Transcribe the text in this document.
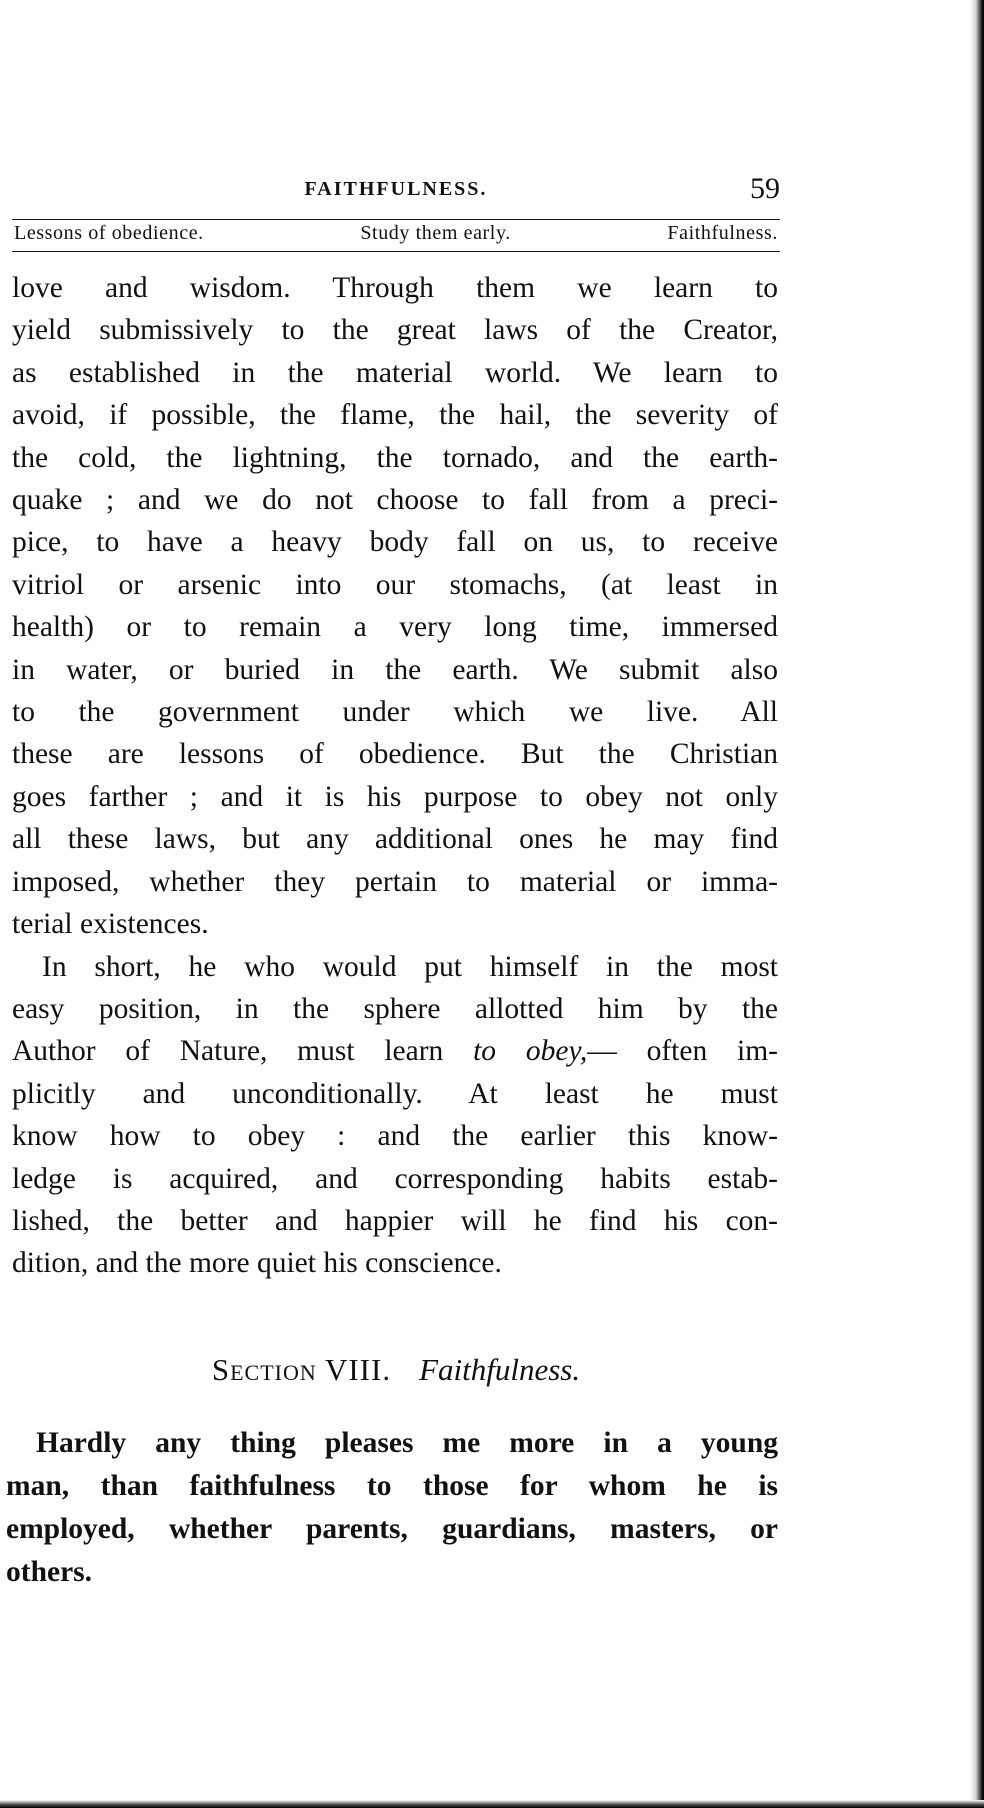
FAITHFULNESS.	59
Lessons of obedience.	Study them early.	Faithfulness.
love and wisdom. Through them we learn to
yield submissively to the great laws of the Creator,
as established in the material world. We learn to
avoid, if possible, the flame, the hail, the severity of
the cold, the lightning, the tornado, and the earth-
quake ; and we do not choose to fall from a preci-
pice, to have a heavy body fall on us, to receive
vitriol or arsenic into our stomachs, (at least in
health) or to remain a very long time, immersed
in water, or buried in the earth. We submit also
to the government under which we live. All
these are lessons of obedience. But the Christian
goes farther ; and it is his purpose to obey not only
all these laws, but any additional ones he may find
imposed, whether they pertain to material or imma-
terial existences.
In short, he who would put himself in the most
easy position, in the sphere allotted him by the
Author of Nature, must learn to obey,— often im-
plicitly and unconditionally. At least he must
know how to obey : and the earlier this know-
ledge is acquired, and corresponding habits estab-
lished, the better and happier will he find his con-
dition, and the more quiet his conscience.
Section VIII. Faithfulness.
Hardly any thing pleases me more in a young
man, than faithfulness to those for whom he is
employed, whether parents, guardians, masters, or
others.
